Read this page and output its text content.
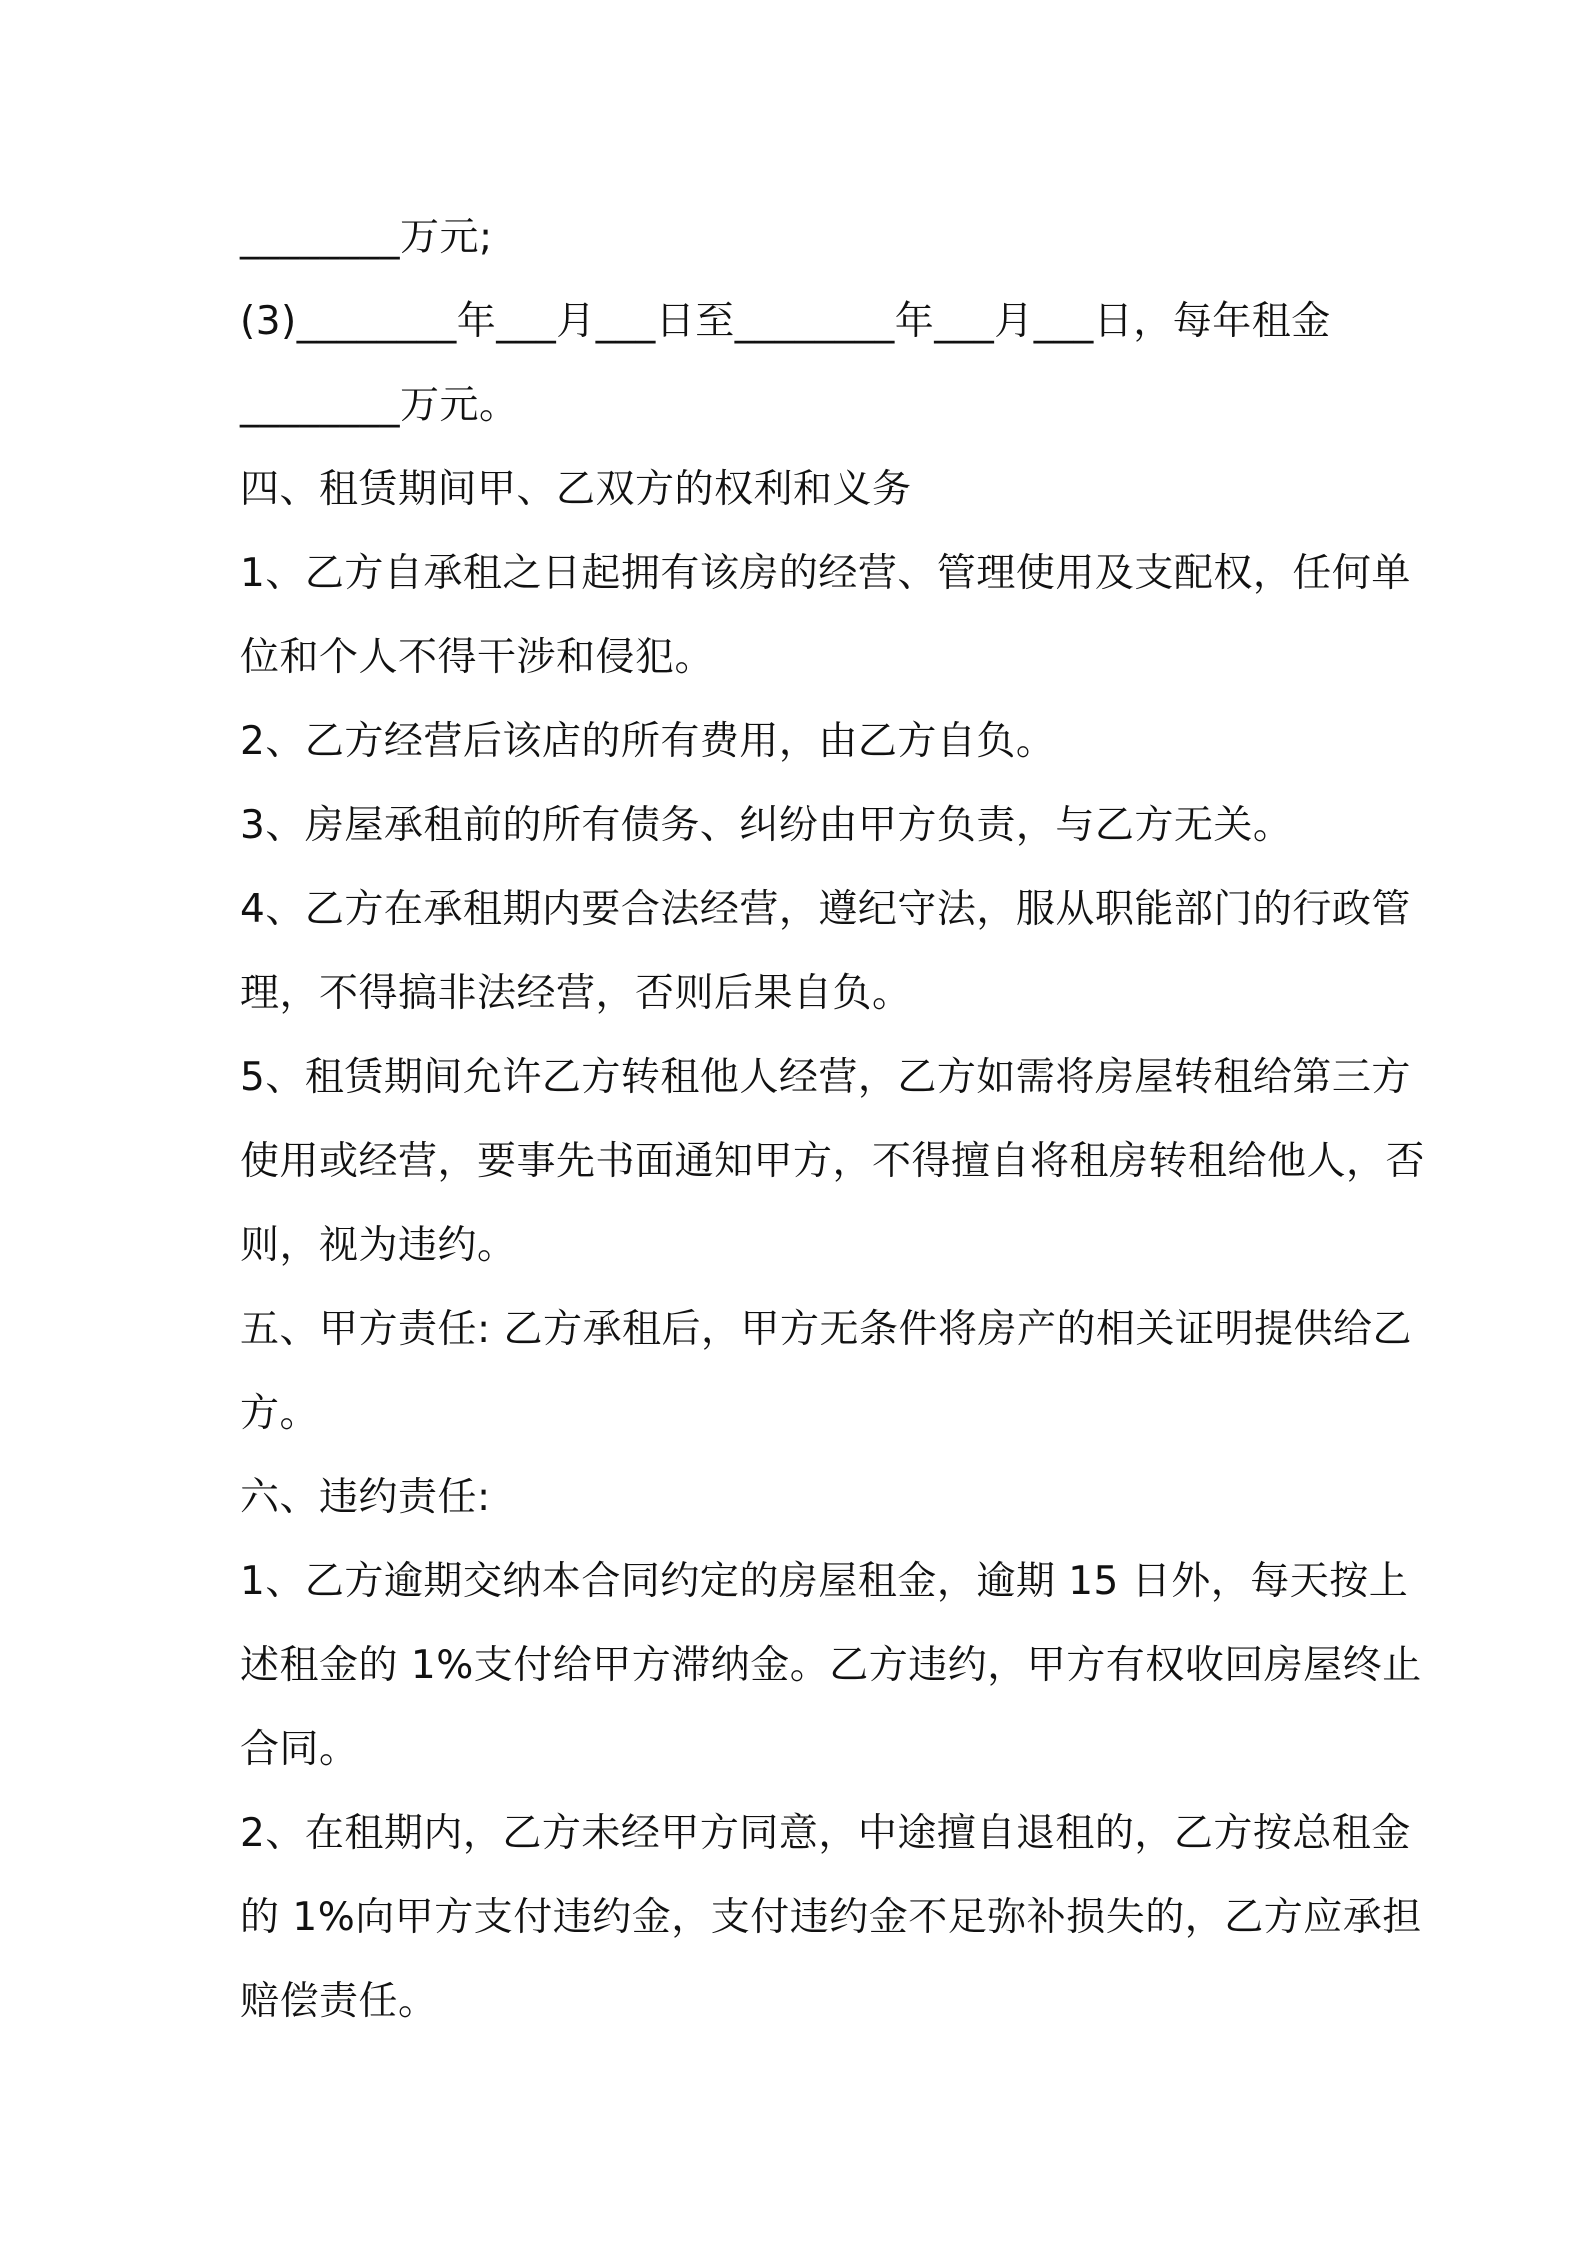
________万元;
(3)________年___月___日至________年___月___日，每年租金
________万元。
四、租赁期间甲、乙双方的权利和义务
1、乙方自承租之日起拥有该房的经营、管理使用及支配权，任何单
位和个人不得干涉和侵犯。
2、乙方经营后该店的所有费用，由乙方自负。
3、房屋承租前的所有债务、纠纷由甲方负责，与乙方无关。
4、乙方在承租期内要合法经营，遵纪守法，服从职能部门的行政管
理，不得搞非法经营，否则后果自负。
5、租赁期间允许乙方转租他人经营，乙方如需将房屋转租给第三方
使用或经营，要事先书面通知甲方，不得擅自将租房转租给他人，否
则，视为违约。
五、甲方责任: 乙方承租后，甲方无条件将房产的相关证明提供给乙
方。
六、违约责任:
1、乙方逾期交纳本合同约定的房屋租金，逾期 15 日外，每天按上
述租金的 1%支付给甲方滞纳金。乙方违约，甲方有权收回房屋终止
合同。
2、在租期内，乙方未经甲方同意，中途擅自退租的，乙方按总租金
的 1%向甲方支付违约金，支付违约金不足弥补损失的，乙方应承担
赔偿责任。
